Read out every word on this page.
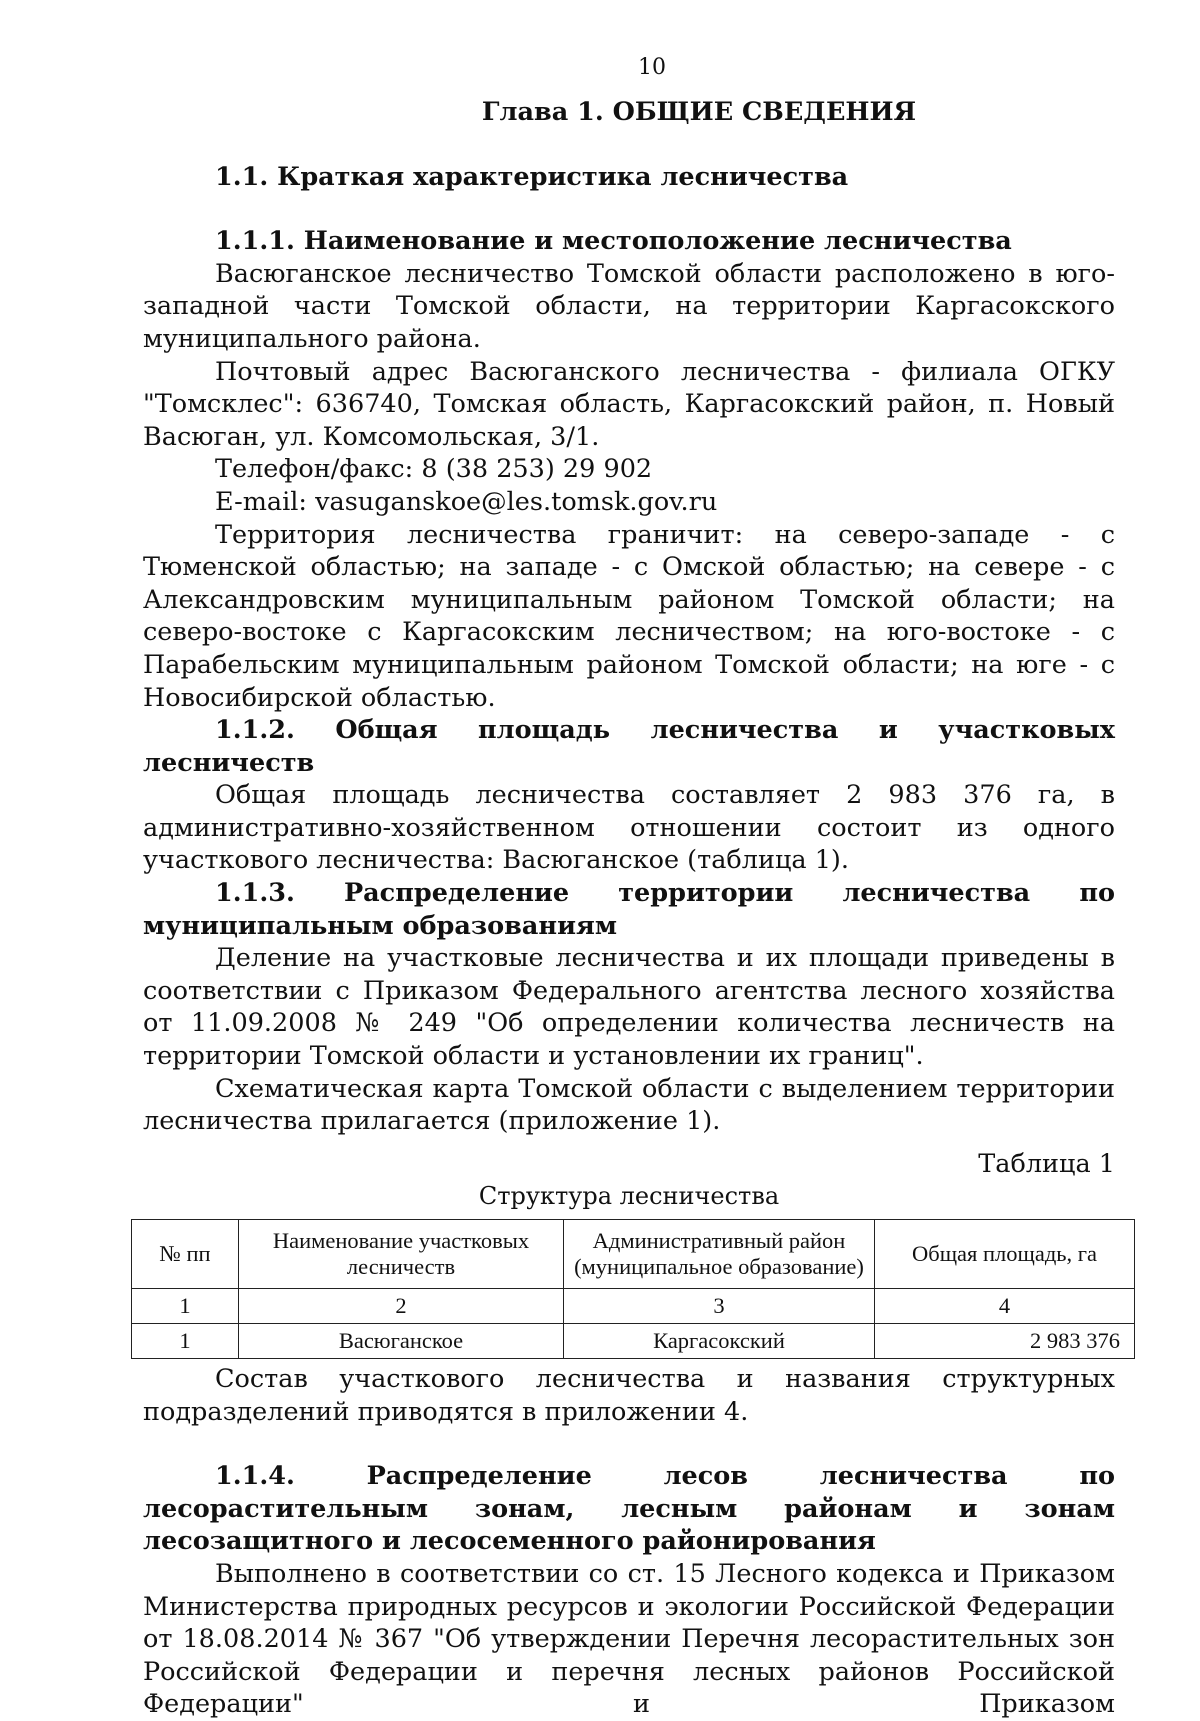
10
Глава 1. ОБЩИЕ СВЕДЕНИЯ
1.1. Краткая характеристика лесничества
1.1.1. Наименование и местоположение лесничества

Васюганское лесничество Томской области расположено в юго-западной части Томской области, на территории Каргасокского муниципального района.

Почтовый адрес Васюганского лесничества - филиала ОГКУ "Томсклес": 636740, Томская область, Каргасокский район, п. Новый Васюган, ул. Комсомольская, 3/1.

Телефон/факс: 8 (38 253) 29 902

E-mail: vasuganskoe@les.tomsk.gov.ru

Территория лесничества граничит: на северо-западе - с Тюменской областью; на западе - с Омской областью; на севере - с Александровским муниципальным районом Томской области; на северо-востоке с Каргасокским лесничеством; на юго-востоке - с Парабельским муниципальным районом Томской области; на юге - с Новосибирской областью.

1.1.2. Общая площадь лесничества и участковых лесничеств

Общая площадь лесничества составляет 2 983 376 га, в административно-хозяйственном отношении состоит из одного участкового лесничества: Васюганское (таблица 1).

1.1.3. Распределение территории лесничества по муниципальным образованиям

Деление на участковые лесничества и их площади приведены в соответствии с Приказом Федерального агентства лесного хозяйства от 11.09.2008 № 249 "Об определении количества лесничеств на территории Томской области и установлении их границ".

Схематическая карта Томской области с выделением территории лесничества прилагается (приложение 1).

Таблица 1
Структура лесничества
№ пп	Наименование участковых лесничеств	Административный район (муниципальное образование)	Общая площадь, га
1	2	3	4
1	Васюганское	Каргасокский	2 983 376

Состав участкового лесничества и названия структурных подразделений приводятся в приложении 4.

1.1.4. Распределение лесов лесничества по лесорастительным зонам, лесным районам и зонам лесозащитного и лесосеменного районирования

Выполнено в соответствии со ст. 15 Лесного кодекса и Приказом Министерства природных ресурсов и экологии Российской Федерации от 18.08.2014 № 367 "Об утверждении Перечня лесорастительных зон Российской Федерации и перечня лесных районов Российской Федерации" и Приказом
